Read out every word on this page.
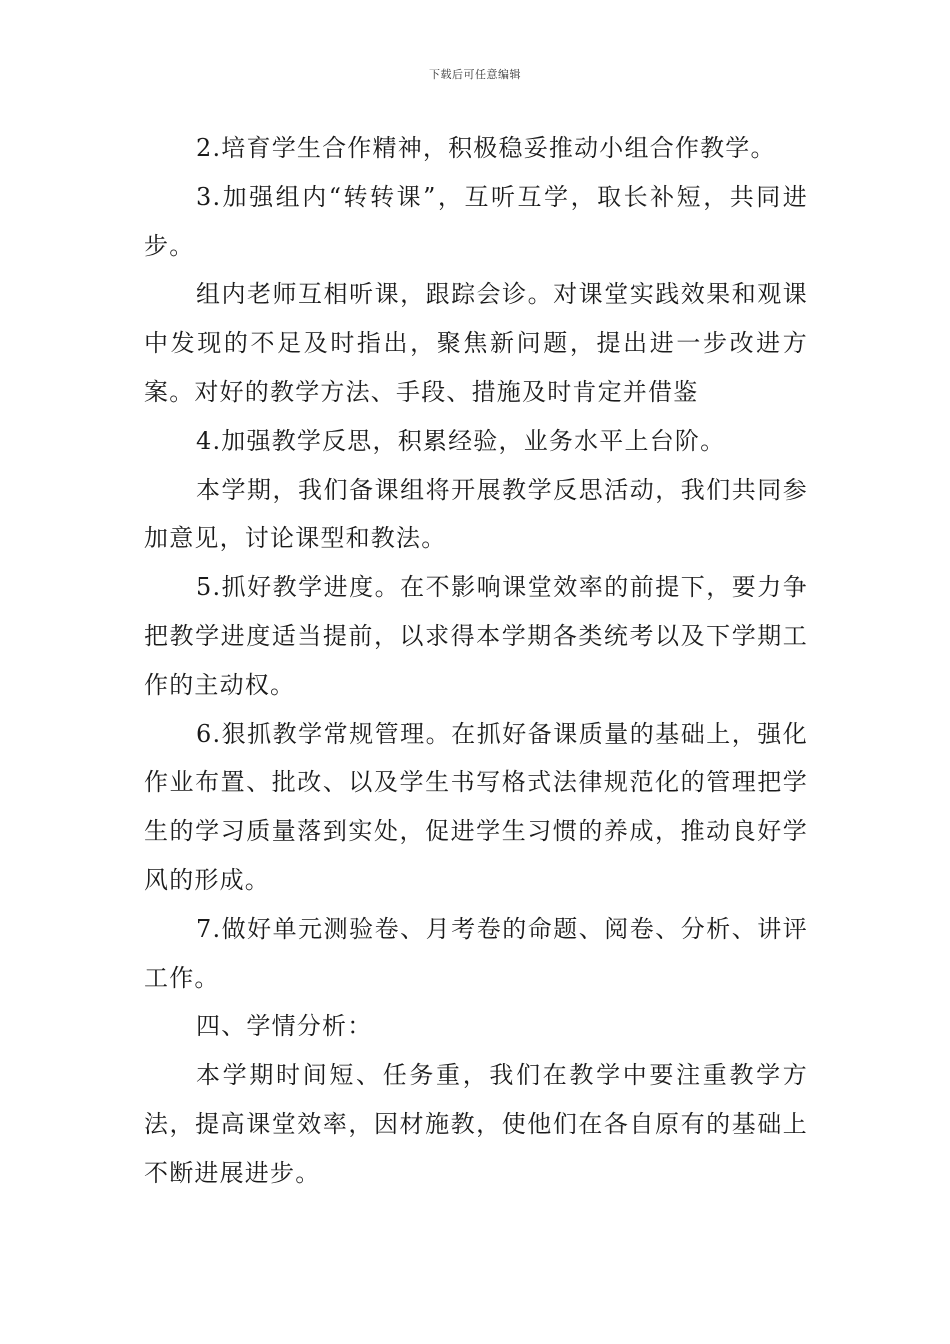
下载后可任意编辑

2.培育学生合作精神，积极稳妥推动小组合作教学。

3.加强组内“转转课”，互听互学，取长补短，共同进步。

组内老师互相听课，跟踪会诊。对课堂实践效果和观课中发现的不足及时指出，聚焦新问题，提出进一步改进方案。对好的教学方法、手段、措施及时肯定并借鉴

4.加强教学反思，积累经验，业务水平上台阶。

本学期，我们备课组将开展教学反思活动，我们共同参加意见，讨论课型和教法。

5.抓好教学进度。在不影响课堂效率的前提下，要力争把教学进度适当提前，以求得本学期各类统考以及下学期工作的主动权。

6.狠抓教学常规管理。在抓好备课质量的基础上，强化作业布置、批改、以及学生书写格式法律规范化的管理把学生的学习质量落到实处，促进学生习惯的养成，推动良好学风的形成。

7.做好单元测验卷、月考卷的命题、阅卷、分析、讲评工作。

四、学情分析：

本学期时间短、任务重，我们在教学中要注重教学方法，提高课堂效率，因材施教，使他们在各自原有的基础上不断进展进步。
